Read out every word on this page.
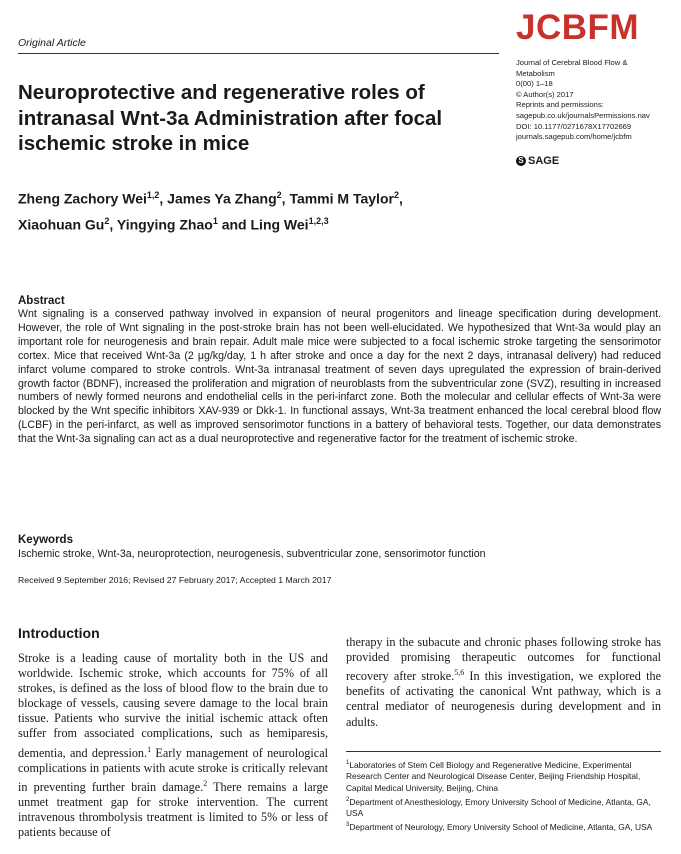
Original Article	JCBFM
Journal of Cerebral Blood Flow &
Metabolism
0(00) 1–18
© Author(s) 2017
Reprints and permissions:
sagepub.co.uk/journalsPermissions.nav
DOI: 10.1177/0271678X17702669
journals.sagepub.com/home/jcbfm
S SAGE
Neuroprotective and regenerative roles of intranasal Wnt-3a Administration after focal ischemic stroke in mice
Zheng Zachory Wei$^{1,2}$, James Ya Zhang$^2$, Tammi M Taylor$^2$,
Xiaohuan Gu$^2$, Yingying Zhao$^1$ and Ling Wei$^{1,2,3}$
Abstract
Wnt signaling is a conserved pathway involved in expansion of neural progenitors and lineage specification during development. However, the role of Wnt signaling in the post-stroke brain has not been well-elucidated. We hypothesized that Wnt-3a would play an important role for neurogenesis and brain repair. Adult male mice were subjected to a focal ischemic stroke targeting the sensorimotor cortex. Mice that received Wnt-3a (2 μg/kg/day, 1 h after stroke and once a day for the next 2 days, intranasal delivery) had reduced infarct volume compared to stroke controls. Wnt-3a intranasal treatment of seven days upregulated the expression of brain-derived growth factor (BDNF), increased the proliferation and migration of neuroblasts from the subventricular zone (SVZ), resulting in increased numbers of newly formed neurons and endothelial cells in the peri-infarct zone. Both the molecular and cellular effects of Wnt-3a were blocked by the Wnt specific inhibitors XAV-939 or Dkk-1. In functional assays, Wnt-3a treatment enhanced the local cerebral blood flow (LCBF) in the peri-infarct, as well as improved sensorimotor functions in a battery of behavioral tests. Together, our data demonstrates that the Wnt-3a signaling can act as a dual neuroprotective and regenerative factor for the treatment of ischemic stroke.
Keywords
Ischemic stroke, Wnt-3a, neuroprotection, neurogenesis, subventricular zone, sensorimotor function
Received 9 September 2016; Revised 27 February 2017; Accepted 1 March 2017
Introduction
Stroke is a leading cause of mortality both in the US and worldwide. Ischemic stroke, which accounts for 75% of all strokes, is defined as the loss of blood flow to the brain due to blockage of vessels, causing severe damage to the local brain tissue. Patients who survive the initial ischemic attack often suffer from associated complications, such as hemiparesis, dementia, and depression.$^1$ Early management of neurological complications in patients with acute stroke is critically relevant in preventing further brain damage.$^2$ There remains a large unmet treatment gap for stroke intervention. The current intravenous thrombolysis treatment is limited to 5% or less of patients because of
therapy in the subacute and chronic phases following stroke has provided promising therapeutic outcomes for functional recovery after stroke.$^{5,6}$ In this investigation, we explored the benefits of activating the canonical Wnt pathway, which is a central mediator of neurogenesis during development and in adults.
$^1$Laboratories of Stem Cell Biology and Regenerative Medicine, Experimental Research Center and Neurological Disease Center, Beijing Friendship Hospital, Capital Medical University, Beijing, China
$^2$Department of Anesthesiology, Emory University School of Medicine, Atlanta, GA, USA
$^3$Department of Neurology, Emory University School of Medicine, Atlanta, GA, USA
